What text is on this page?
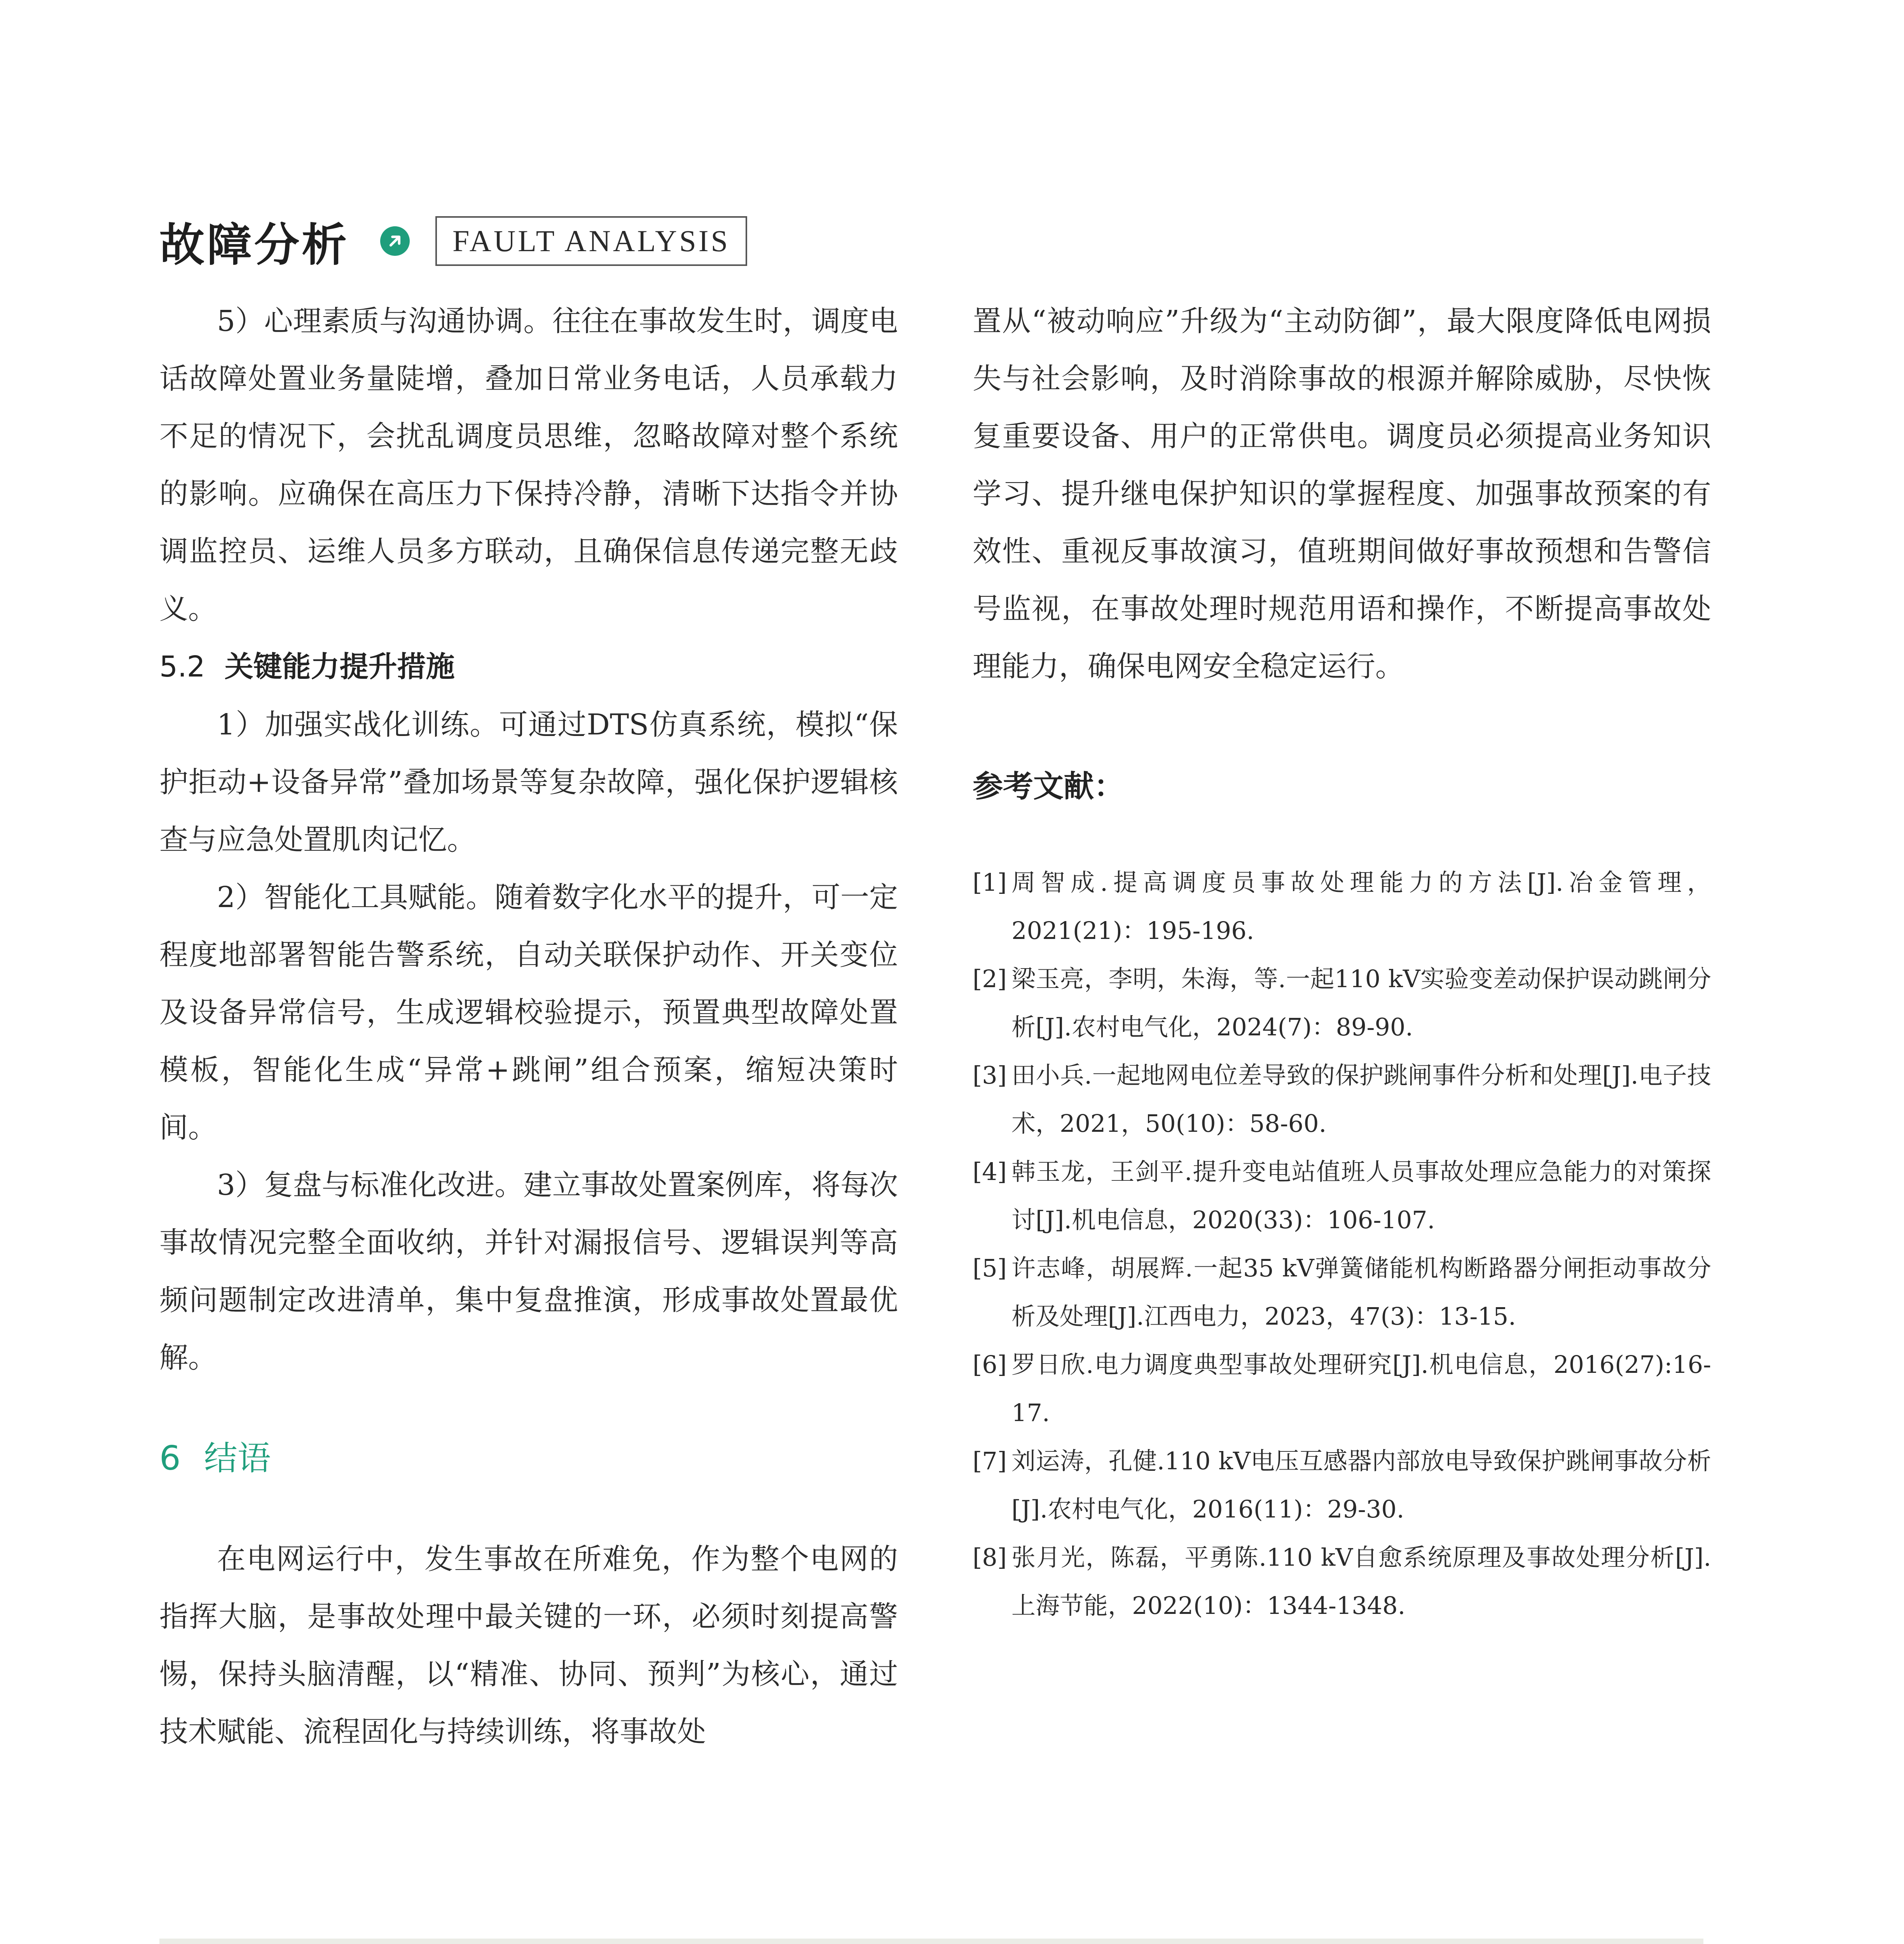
故障分析	FAULT ANALYSIS

5）心理素质与沟通协调。往往在事故发生时，调度电话故障处置业务量陡增，叠加日常业务电话，人员承载力不足的情况下，会扰乱调度员思维，忽略故障对整个系统的影响。应确保在高压力下保持冷静，清晰下达指令并协调监控员、运维人员多方联动，且确保信息传递完整无歧义。

5.2 关键能力提升措施

1）加强实战化训练。可通过DTS仿真系统，模拟“保护拒动+设备异常”叠加场景等复杂故障，强化保护逻辑核查与应急处置肌肉记忆。

2）智能化工具赋能。随着数字化水平的提升，可一定程度地部署智能告警系统，自动关联保护动作、开关变位及设备异常信号，生成逻辑校验提示，预置典型故障处置模板，智能化生成“异常+跳闸”组合预案，缩短决策时间。

3）复盘与标准化改进。建立事故处置案例库，将每次事故情况完整全面收纳，并针对漏报信号、逻辑误判等高频问题制定改进清单，集中复盘推演，形成事故处置最优解。

6 结语

在电网运行中，发生事故在所难免，作为整个电网的指挥大脑，是事故处理中最关键的一环，必须时刻提高警惕，保持头脑清醒，以“精准、协同、预判”为核心，通过技术赋能、流程固化与持续训练，将事故处

置从“被动响应”升级为“主动防御”，最大限度降低电网损失与社会影响，及时消除事故的根源并解除威胁，尽快恢复重要设备、用户的正常供电。调度员必须提高业务知识学习、提升继电保护知识的掌握程度、加强事故预案的有效性、重视反事故演习，值班期间做好事故预想和告警信号监视，在事故处理时规范用语和操作，不断提高事故处理能力，确保电网安全稳定运行。

参考文献：
[1] 周智成.提高调度员事故处理能力的方法[J].冶金管理，2021(21)：195-196.
[2] 梁玉亮，李明，朱海，等.一起110 kV实验变差动保护误动跳闸分析[J].农村电气化，2024(7)：89-90.
[3] 田小兵.一起地网电位差导致的保护跳闸事件分析和处理[J].电子技术，2021，50(10)：58-60.
[4] 韩玉龙，王剑平.提升变电站值班人员事故处理应急能力的对策探讨[J].机电信息，2020(33)：106-107.
[5] 许志峰，胡展辉.一起35 kV弹簧储能机构断路器分闸拒动事故分析及处理[J].江西电力，2023，47(3)：13-15.
[6] 罗日欣.电力调度典型事故处理研究[J].机电信息，2016(27):16-17.
[7] 刘运涛，孔健.110 kV电压互感器内部放电导致保护跳闸事故分析[J].农村电气化，2016(11)：29-30.
[8] 张月光，陈磊，平勇陈.110 kV自愈系统原理及事故处理分析[J].上海节能，2022(10)：1344-1348.
